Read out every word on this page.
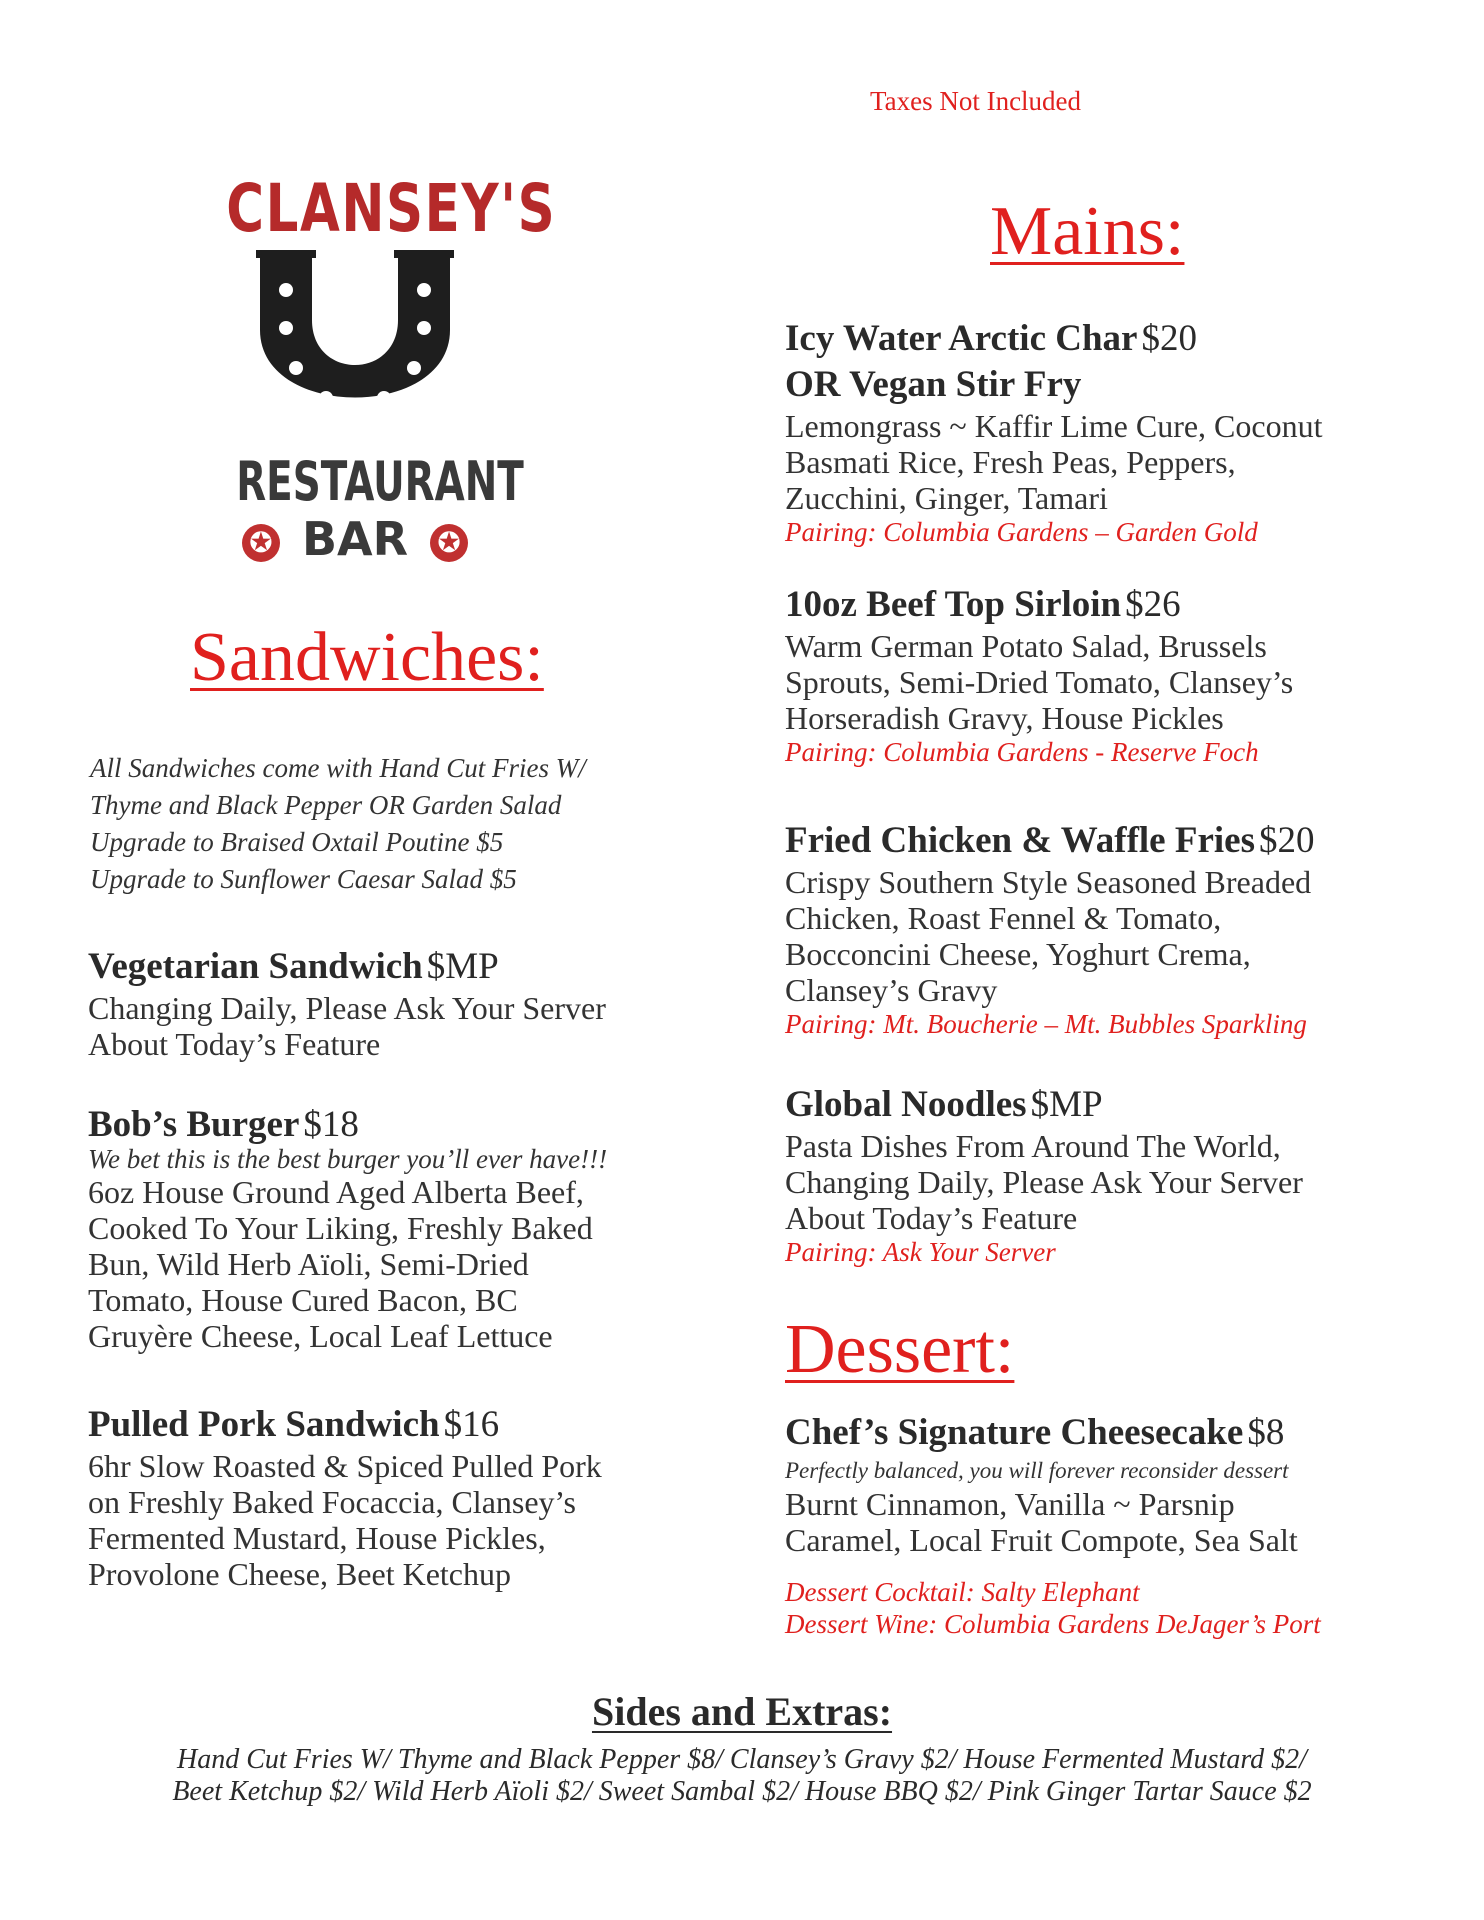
Taxes Not Included
CLANSEY'S
RESTAURANT
✪ BAR ✪
Sandwiches:
All Sandwiches come with Hand Cut Fries W/
Thyme and Black Pepper OR Garden Salad
Upgrade to Braised Oxtail Poutine $5
Upgrade to Sunflower Caesar Salad $5
Vegetarian Sandwich $MP
Changing Daily, Please Ask Your Server
About Today’s Feature
Bob’s Burger $18
We bet this is the best burger you’ll ever have!!!
6oz House Ground Aged Alberta Beef,
Cooked To Your Liking, Freshly Baked
Bun, Wild Herb Aïoli, Semi-Dried
Tomato, House Cured Bacon, BC
Gruyère Cheese, Local Leaf Lettuce
Pulled Pork Sandwich $16
6hr Slow Roasted & Spiced Pulled Pork
on Freshly Baked Focaccia, Clansey’s
Fermented Mustard, House Pickles,
Provolone Cheese, Beet Ketchup
Mains:
Icy Water Arctic Char $20
OR Vegan Stir Fry
Lemongrass ~ Kaffir Lime Cure, Coconut
Basmati Rice, Fresh Peas, Peppers,
Zucchini, Ginger, Tamari
Pairing: Columbia Gardens – Garden Gold
10oz Beef Top Sirloin $26
Warm German Potato Salad, Brussels
Sprouts, Semi-Dried Tomato, Clansey’s
Horseradish Gravy, House Pickles
Pairing: Columbia Gardens - Reserve Foch
Fried Chicken & Waffle Fries $20
Crispy Southern Style Seasoned Breaded
Chicken, Roast Fennel & Tomato,
Bocconcini Cheese, Yoghurt Crema,
Clansey’s Gravy
Pairing: Mt. Boucherie – Mt. Bubbles Sparkling
Global Noodles $MP
Pasta Dishes From Around The World,
Changing Daily, Please Ask Your Server
About Today’s Feature
Pairing: Ask Your Server
Dessert:
Chef’s Signature Cheesecake $8
Perfectly balanced, you will forever reconsider dessert
Burnt Cinnamon, Vanilla ~ Parsnip
Caramel, Local Fruit Compote, Sea Salt
Dessert Cocktail: Salty Elephant
Dessert Wine: Columbia Gardens DeJager’s Port
Sides and Extras:
Hand Cut Fries W/ Thyme and Black Pepper $8/ Clansey’s Gravy $2/ House Fermented Mustard $2/
Beet Ketchup $2/ Wild Herb Aïoli $2/ Sweet Sambal $2/ House BBQ $2/ Pink Ginger Tartar Sauce $2
